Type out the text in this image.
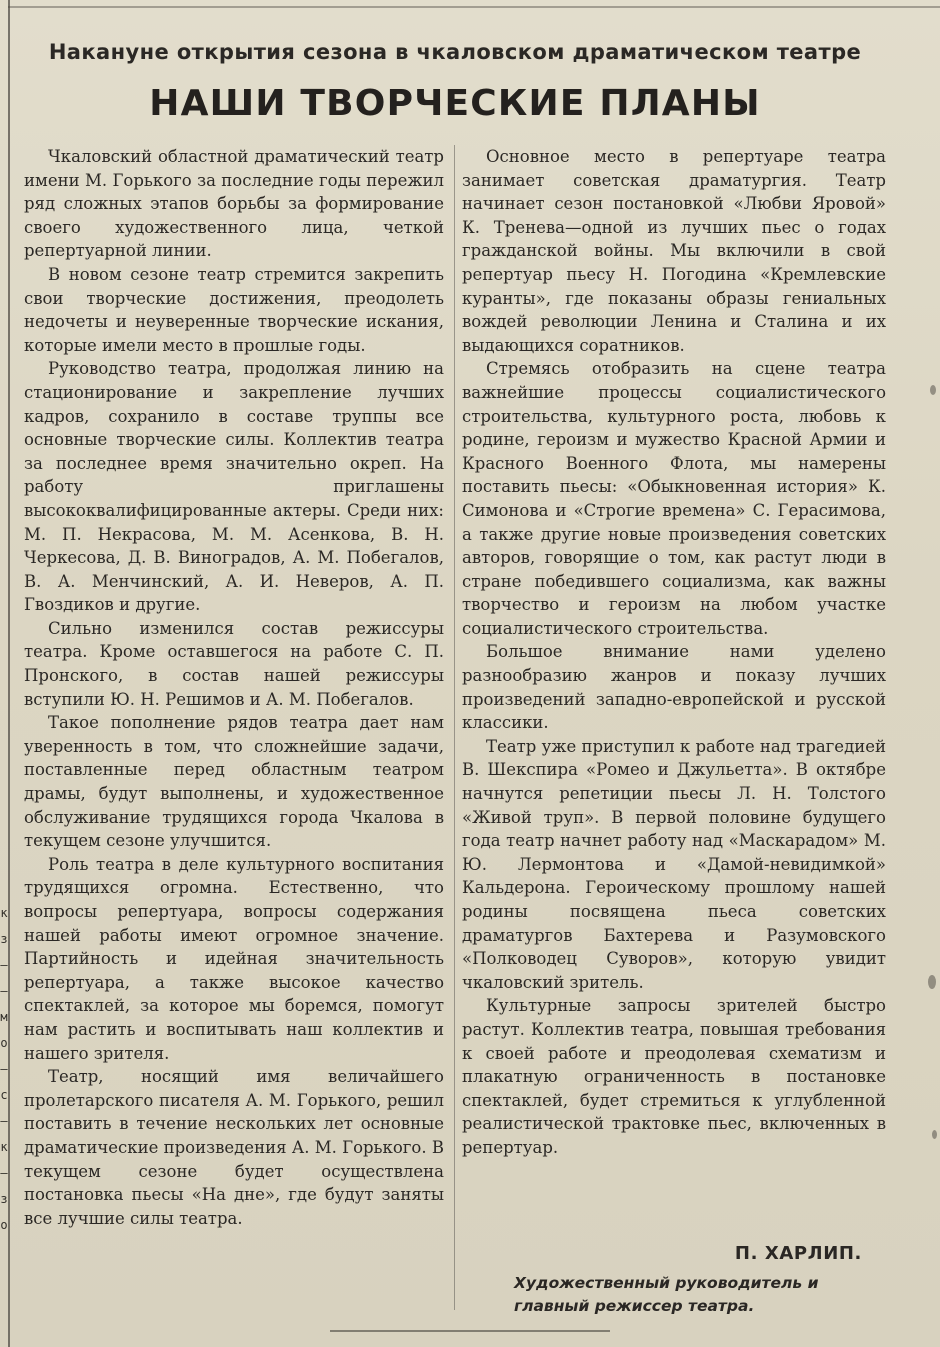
к
з
–
–
м
о
–
с
–
к
–
з
о
Накануне открытия сезона в чкаловском драматическом театре
НАШИ ТВОРЧЕСКИЕ ПЛАНЫ

Чкаловский областной драматический театр имени М. Горького за последние годы пережил ряд сложных этапов борьбы за формирование своего художественного лица, четкой репертуарной линии.

В новом сезоне театр стремится закрепить свои творческие достижения, преодолеть недочеты и неуверенные творческие искания, которые имели место в прошлые годы.

Руководство театра, продолжая линию на стационирование и закрепление лучших кадров, сохранило в составе труппы все основные творческие силы. Коллектив театра за последнее время значительно окреп. На работу приглашены высококвалифицированные актеры. Среди них: М. П. Некрасова, М. М. Асенкова, В. Н. Черкесова, Д. В. Виноградов, А. М. Побегалов, В. А. Менчинский, А. И. Неверов, А. П. Гвоздиков и другие.

Сильно изменился состав режиссуры театра. Кроме оставшегося на работе С. П. Пронского, в состав нашей режиссуры вступили Ю. Н. Решимов и А. М. Побегалов.

Такое пополнение рядов театра дает нам уверенность в том, что сложнейшие задачи, поставленные перед областным театром драмы, будут выполнены, и художественное обслуживание трудящихся города Чкалова в текущем сезоне улучшится.

Роль театра в деле культурного воспитания трудящихся огромна. Естественно, что вопросы репертуара, вопросы содержания нашей работы имеют огромное значение. Партийность и идейная значительность репертуара, а также высокое качество спектаклей, за которое мы боремся, помогут нам растить и воспитывать наш коллектив и нашего зрителя.

Театр, носящий имя величайшего пролетарского писателя А. М. Горького, решил поставить в течение нескольких лет основные драматические произведения А. М. Горького. В текущем сезоне будет осуществлена постановка пьесы «На дне», где будут заняты все лучшие силы театра.

Основное место в репертуаре театра занимает советская драматургия. Театр начинает сезон постановкой «Любви Яровой» К. Тренева—одной из лучших пьес о годах гражданской войны. Мы включили в свой репертуар пьесу Н. Погодина «Кремлевские куранты», где показаны образы гениальных вождей революции Ленина и Сталина и их выдающихся соратников.

Стремясь отобразить на сцене театра важнейшие процессы социалистического строительства, культурного роста, любовь к родине, героизм и мужество Красной Армии и Красного Военного Флота, мы намерены поставить пьесы: «Обыкновенная история» К. Симонова и «Строгие времена» С. Герасимова, а также другие новые произведения советских авторов, говорящие о том, как растут люди в стране победившего социализма, как важны творчество и героизм на любом участке социалистического строительства.

Большое внимание нами уделено разнообразию жанров и показу лучших произведений западно-европейской и русской классики.

Театр уже приступил к работе над трагедией В. Шекспира «Ромео и Джульетта». В октябре начнутся репетиции пьесы Л. Н. Толстого «Живой труп». В первой половине будущего года театр начнет работу над «Маскарадом» М. Ю. Лермонтова и «Дамой-невидимкой» Кальдерона. Героическому прошлому нашей родины посвящена пьеса советских драматургов Бахтерева и Разумовского «Полководец Суворов», которую увидит чкаловский зритель.

Культурные запросы зрителей быстро растут. Коллектив театра, повышая требования к своей работе и преодолевая схематизм и плакатную ограниченность в постановке спектаклей, будет стремиться к углубленной реалистической трактовке пьес, включенных в репертуар.

П. ХАРЛИП.
Художественный руководитель и главный режиссер театра.
